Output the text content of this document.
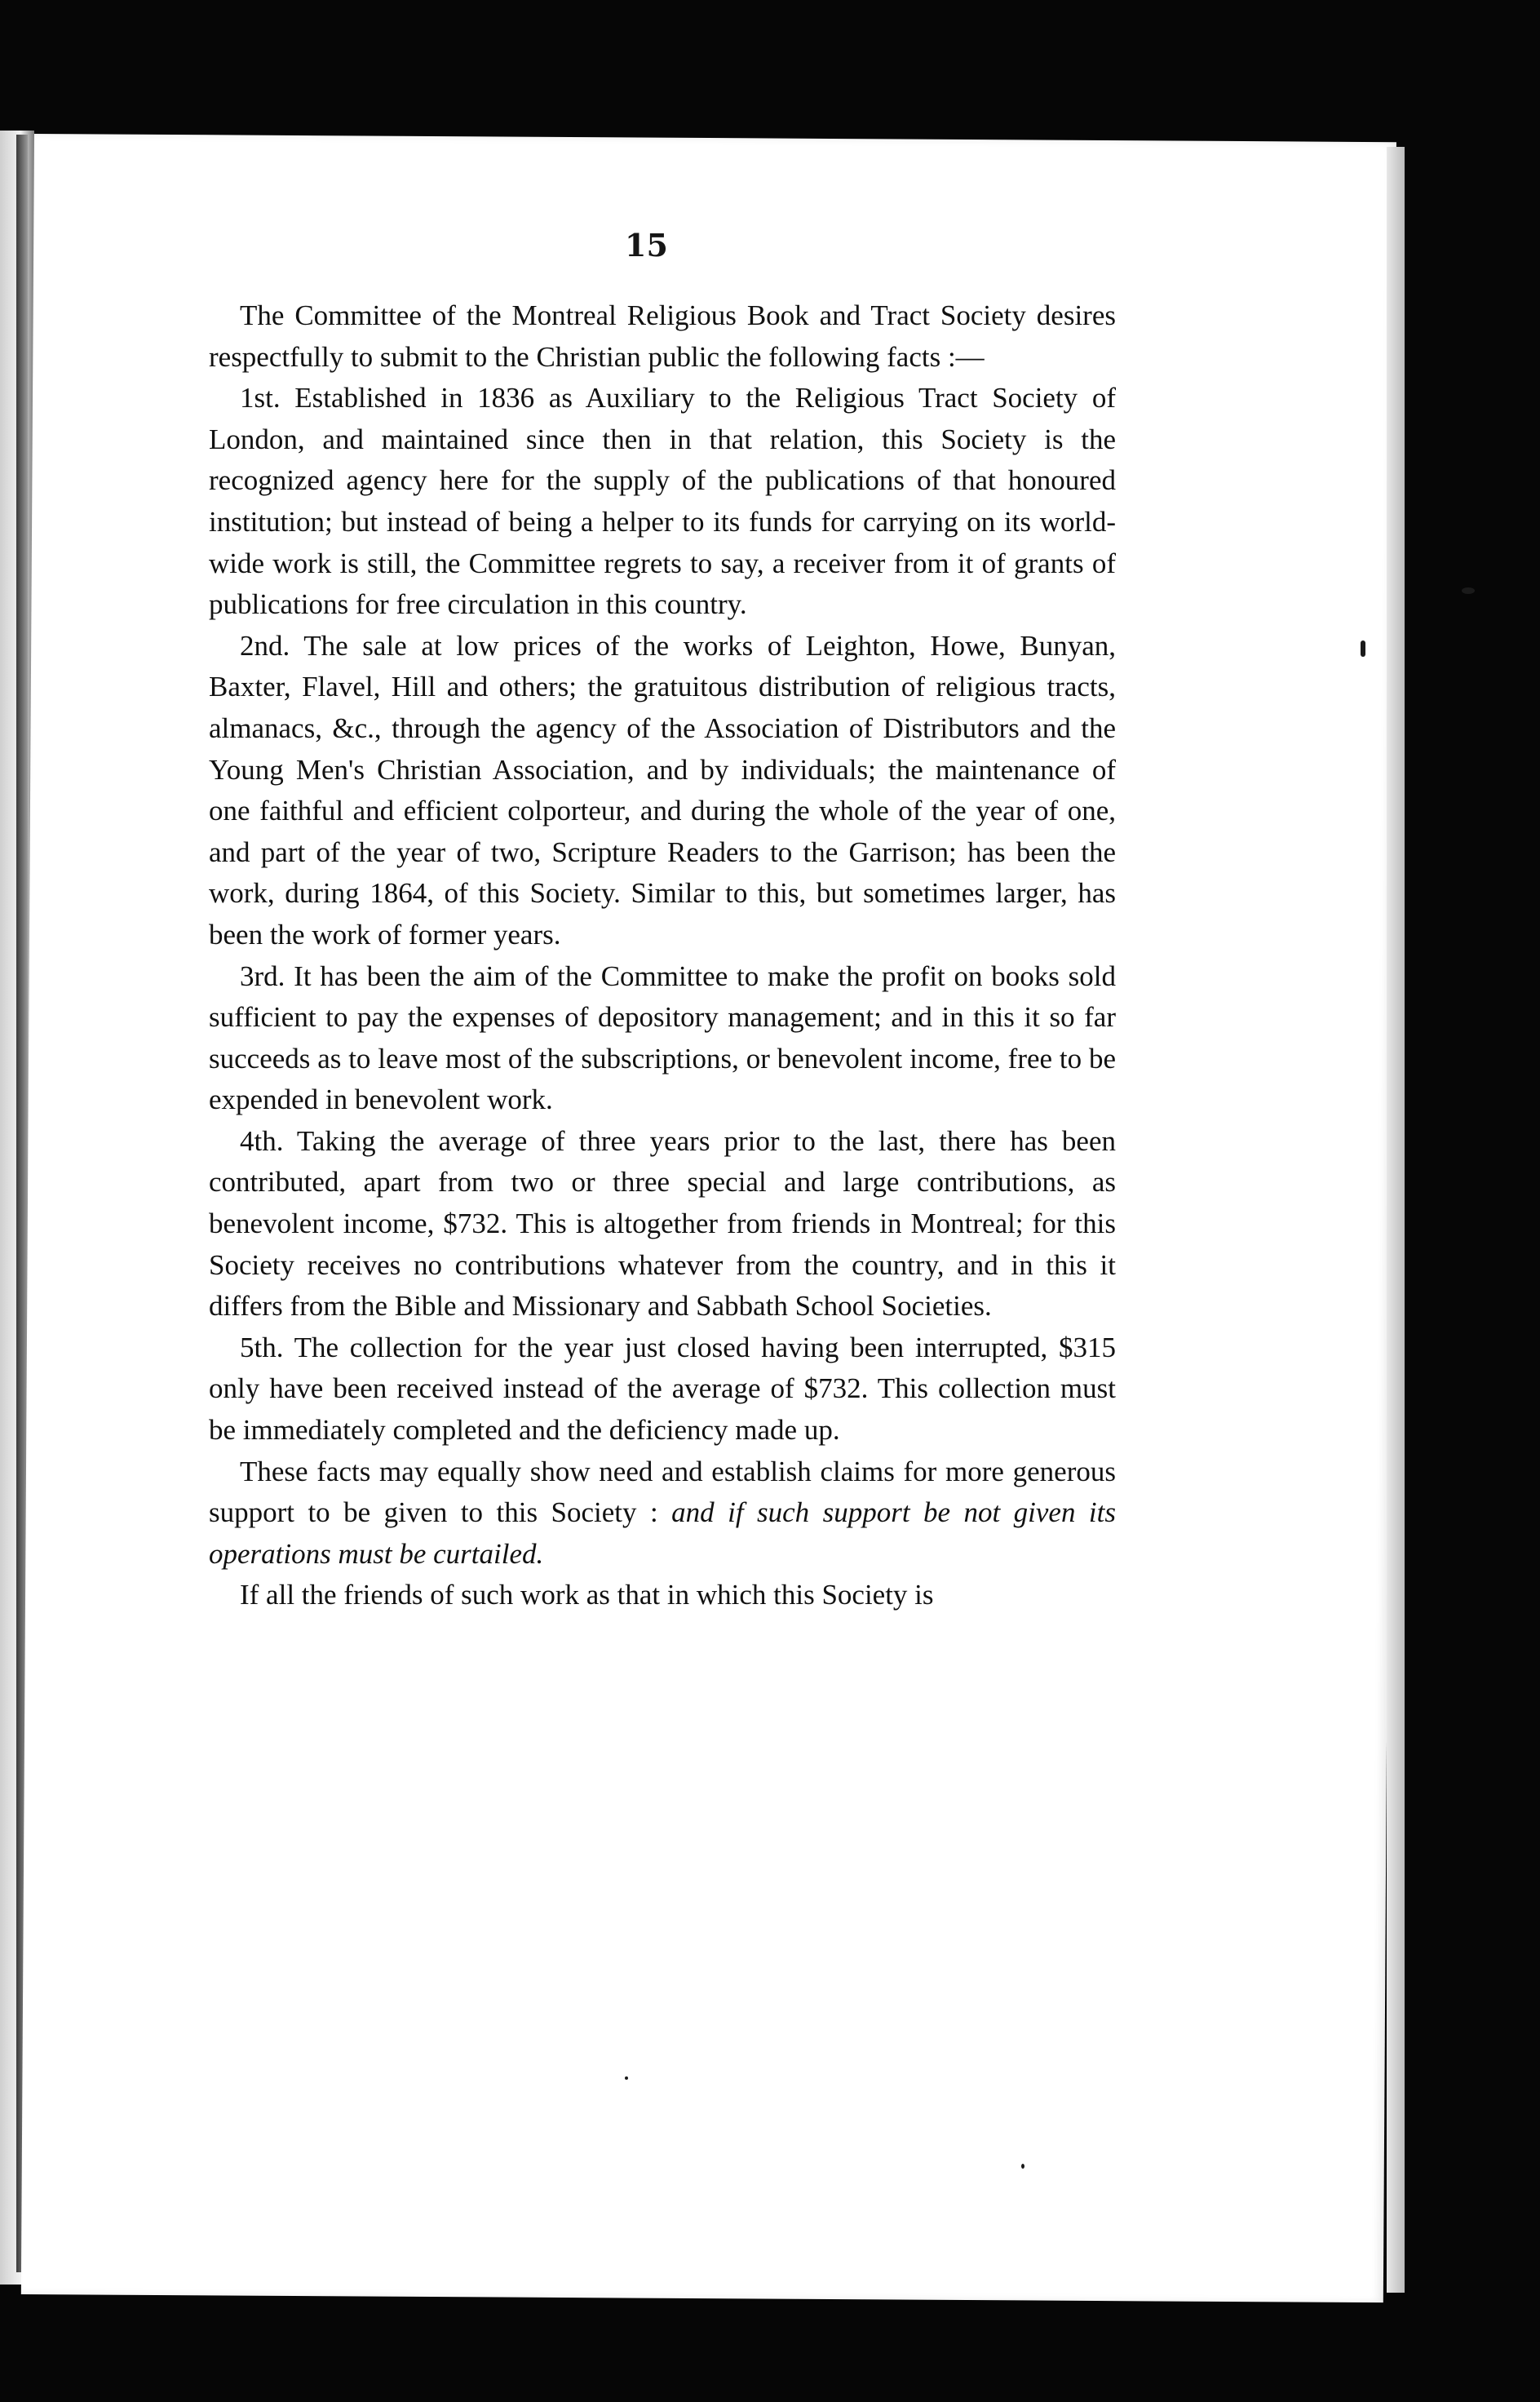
15

The Committee of the Montreal Religious Book and Tract Society desires respectfully to submit to the Christian public the following facts :—

1st. Established in 1836 as Auxiliary to the Religious Tract Society of London, and maintained since then in that relation, this Society is the recognized agency here for the supply of the publications of that honoured institution; but instead of being a helper to its funds for carrying on its world-wide work is still, the Committee regrets to say, a receiver from it of grants of publications for free circulation in this country.

2nd. The sale at low prices of the works of Leighton, Howe, Bunyan, Baxter, Flavel, Hill and others; the gratuitous distribution of religious tracts, almanacs, &c., through the agency of the Association of Distributors and the Young Men's Christian Association, and by individuals; the maintenance of one faithful and efficient colporteur, and during the whole of the year of one, and part of the year of two, Scripture Readers to the Garrison; has been the work, during 1864, of this Society. Similar to this, but sometimes larger, has been the work of former years.

3rd. It has been the aim of the Committee to make the profit on books sold sufficient to pay the expenses of depository management; and in this it so far succeeds as to leave most of the subscriptions, or benevolent income, free to be expended in benevolent work.

4th. Taking the average of three years prior to the last, there has been contributed, apart from two or three special and large contributions, as benevolent income, $732. This is altogether from friends in Montreal; for this Society receives no contributions whatever from the country, and in this it differs from the Bible and Missionary and Sabbath School Societies.

5th. The collection for the year just closed having been interrupted, $315 only have been received instead of the average of $732. This collection must be immediately completed and the deficiency made up.

These facts may equally show need and establish claims for more generous support to be given to this Society : and if such support be not given its operations must be curtailed.

If all the friends of such work as that in which this Society is
